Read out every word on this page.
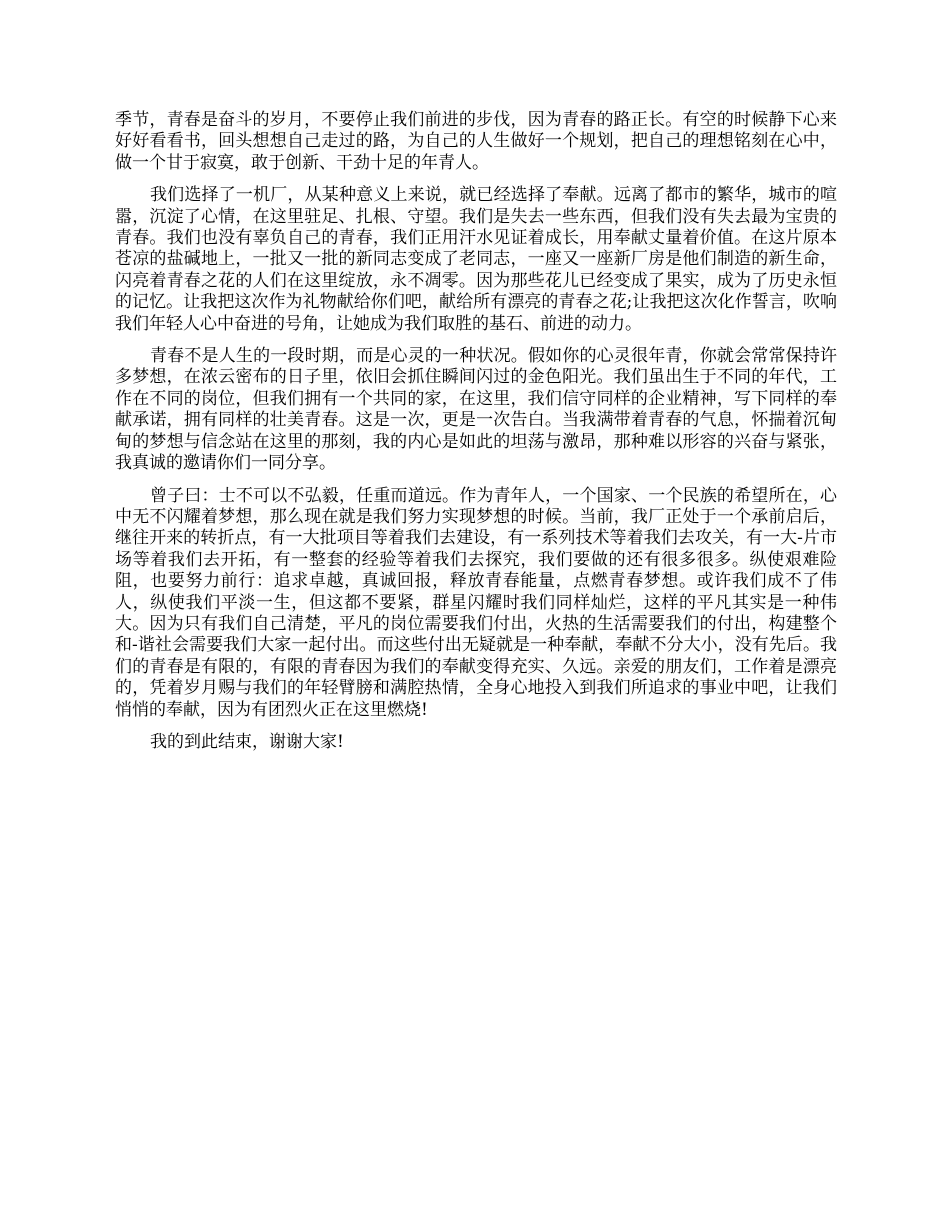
季节，青春是奋斗的岁月，不要停止我们前进的步伐，因为青春的路正长。有空的时候静下心来好好看看书，回头想想自己走过的路，为自己的人生做好一个规划，把自己的理想铭刻在心中，做一个甘于寂寞，敢于创新、干劲十足的年青人。

我们选择了一机厂，从某种意义上来说，就已经选择了奉献。远离了都市的繁华，城市的喧嚣，沉淀了心情，在这里驻足、扎根、守望。我们是失去一些东西，但我们没有失去最为宝贵的青春。我们也没有辜负自己的青春，我们正用汗水见证着成长，用奉献丈量着价值。在这片原本苍凉的盐碱地上，一批又一批的新同志变成了老同志，一座又一座新厂房是他们制造的新生命，闪亮着青春之花的人们在这里绽放，永不凋零。因为那些花儿已经变成了果实，成为了历史永恒的记忆。让我把这次作为礼物献给你们吧，献给所有漂亮的青春之花;让我把这次化作誓言，吹响我们年轻人心中奋进的号角，让她成为我们取胜的基石、前进的动力。

青春不是人生的一段时期，而是心灵的一种状况。假如你的心灵很年青，你就会常常保持许多梦想，在浓云密布的日子里，依旧会抓住瞬间闪过的金色阳光。我们虽出生于不同的年代，工作在不同的岗位，但我们拥有一个共同的家，在这里，我们信守同样的企业精神，写下同样的奉献承诺，拥有同样的壮美青春。这是一次，更是一次告白。当我满带着青春的气息，怀揣着沉甸甸的梦想与信念站在这里的那刻，我的内心是如此的坦荡与激昂，那种难以形容的兴奋与紧张，我真诚的邀请你们一同分享。

曾子曰：士不可以不弘毅，任重而道远。作为青年人，一个国家、一个民族的希望所在，心中无不闪耀着梦想，那么现在就是我们努力实现梦想的时候。当前，我厂正处于一个承前启后，继往开来的转折点，有一大批项目等着我们去建设，有一系列技术等着我们去攻关，有一大-片市场等着我们去开拓，有一整套的经验等着我们去探究，我们要做的还有很多很多。纵使艰难险阻，也要努力前行：追求卓越，真诚回报，释放青春能量，点燃青春梦想。或许我们成不了伟人，纵使我们平淡一生，但这都不要紧，群星闪耀时我们同样灿烂，这样的平凡其实是一种伟大。因为只有我们自己清楚，平凡的岗位需要我们付出，火热的生活需要我们的付出，构建整个和-谐社会需要我们大家一起付出。而这些付出无疑就是一种奉献，奉献不分大小，没有先后。我们的青春是有限的，有限的青春因为我们的奉献变得充实、久远。亲爱的朋友们，工作着是漂亮的，凭着岁月赐与我们的年轻臂膀和满腔热情，全身心地投入到我们所追求的事业中吧，让我们悄悄的奉献，因为有团烈火正在这里燃烧!

我的到此结束，谢谢大家!
